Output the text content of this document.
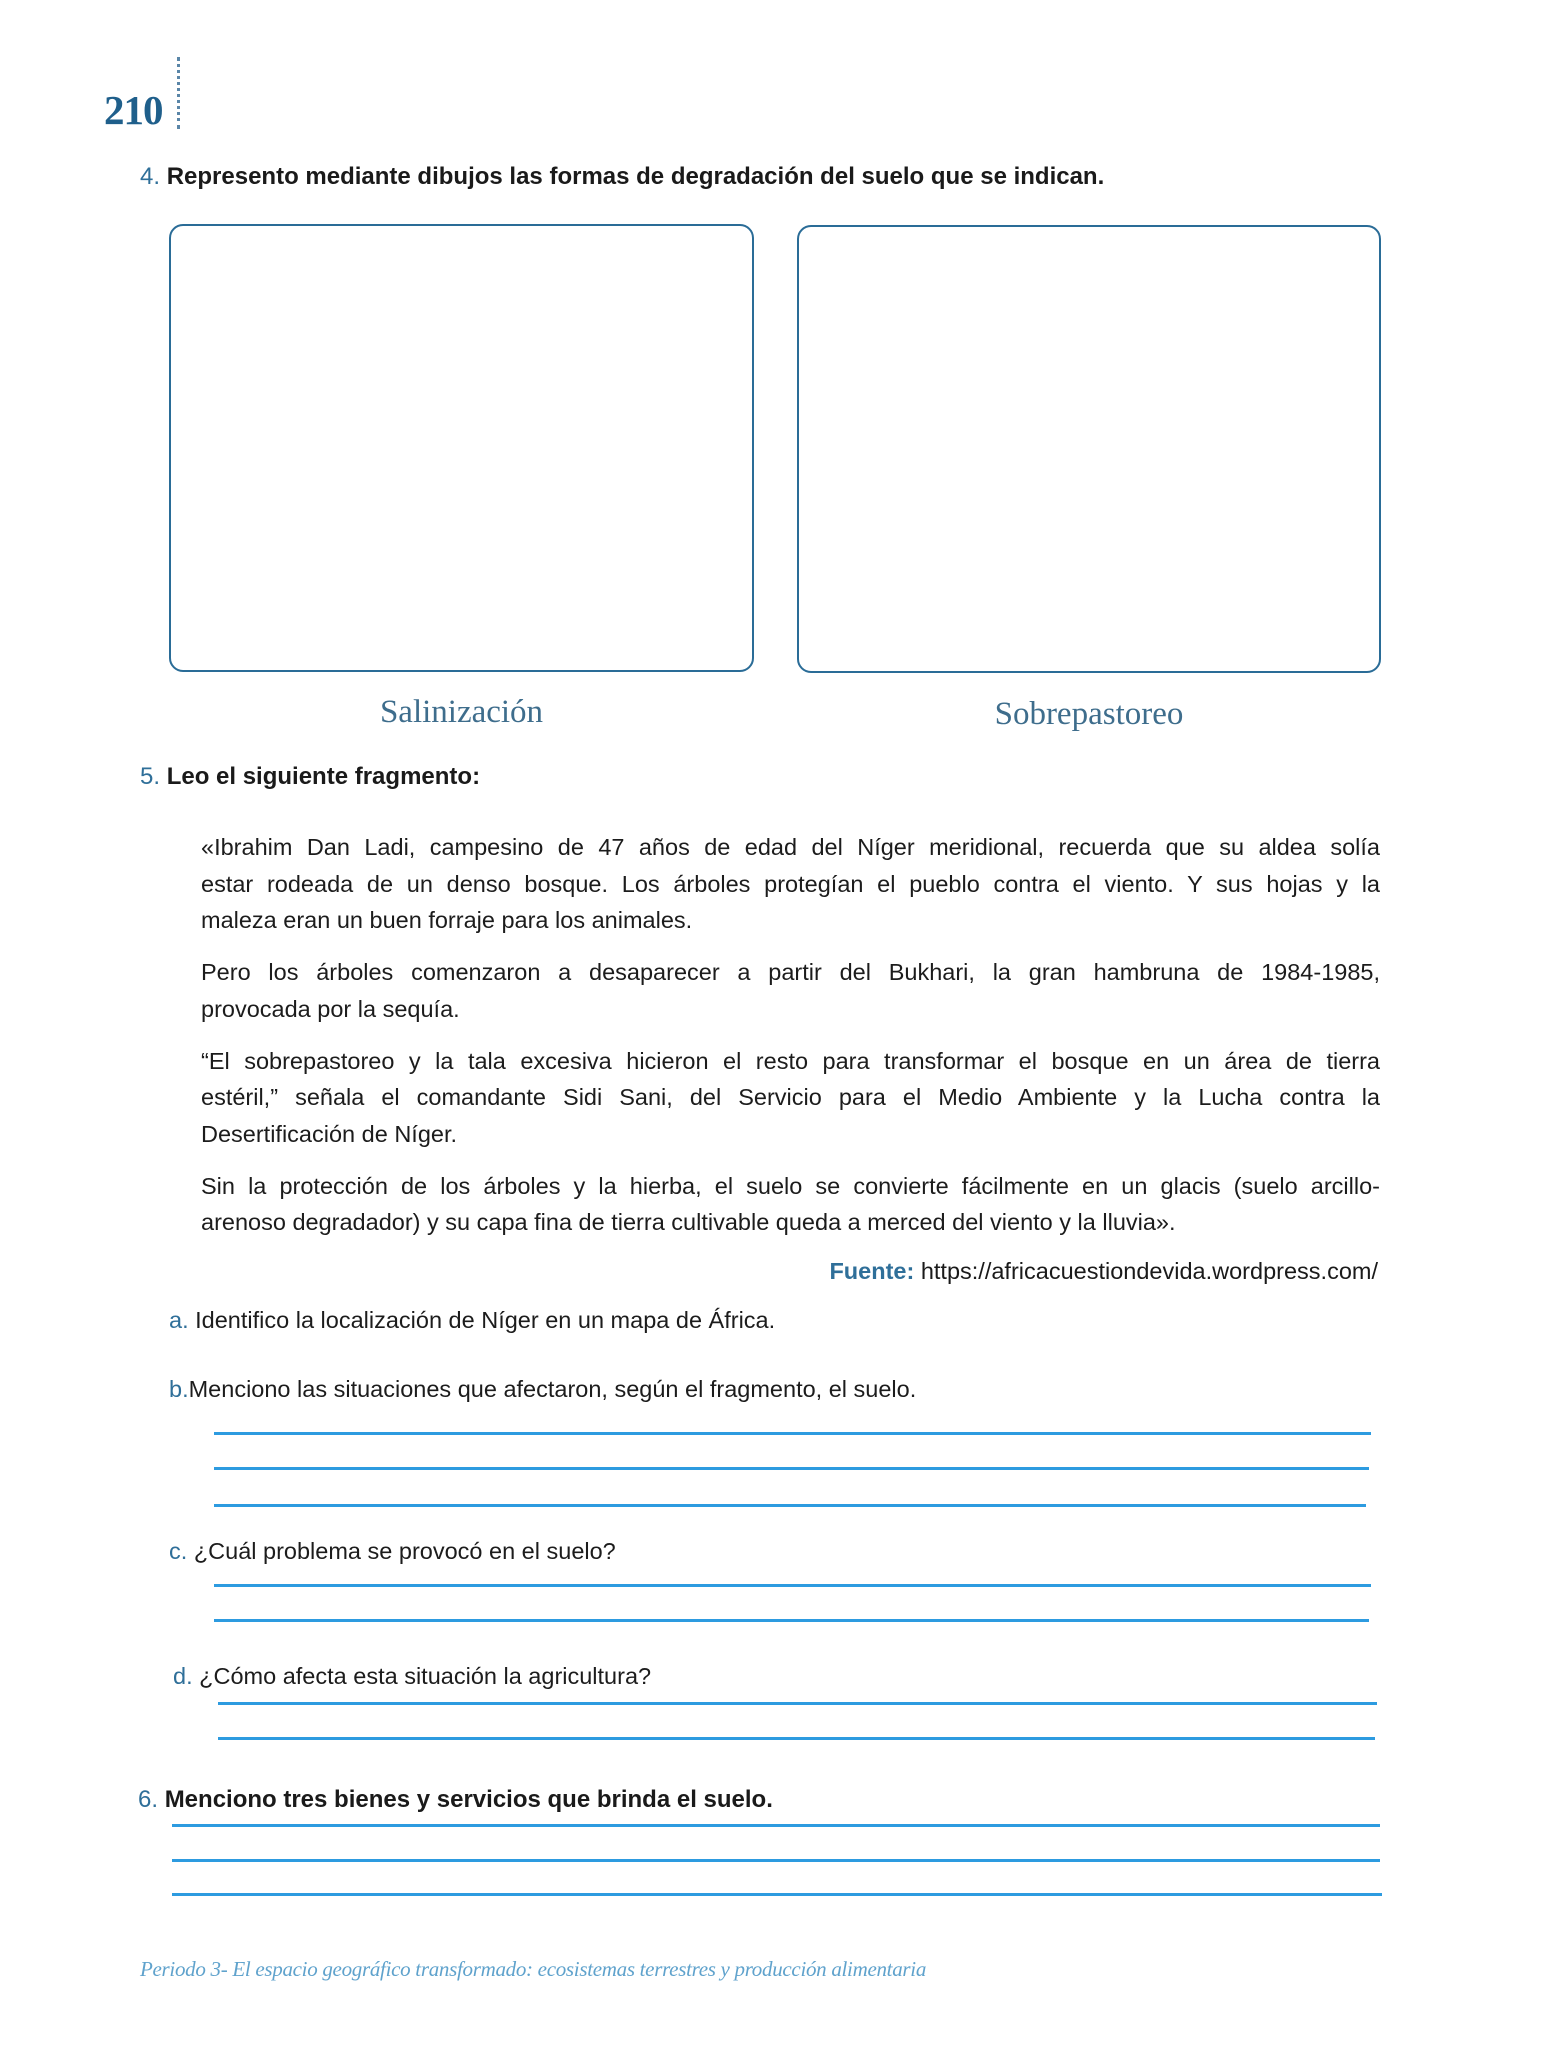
210
4. Represento mediante dibujos las formas de degradación del suelo que se indican.
Salinización	Sobrepastoreo
5. Leo el siguiente fragmento:
«Ibrahim Dan Ladi, campesino de 47 años de edad del Níger meridional, recuerda que su aldea solía
estar rodeada de un denso bosque. Los árboles protegían el pueblo contra el viento. Y sus hojas y la
maleza eran un buen forraje para los animales.
Pero los árboles comenzaron a desaparecer a partir del Bukhari, la gran hambruna de 1984-1985,
provocada por la sequía.
“El sobrepastoreo y la tala excesiva hicieron el resto para transformar el bosque en un área de tierra
estéril,” señala el comandante Sidi Sani, del Servicio para el Medio Ambiente y la Lucha contra la
Desertificación de Níger.
Sin la protección de los árboles y la hierba, el suelo se convierte fácilmente en un glacis (suelo arcillo-
arenoso degradador) y su capa fina de tierra cultivable queda a merced del viento y la lluvia».
Fuente: https://africacuestiondevida.wordpress.com/
a. Identifico la localización de Níger en un mapa de África.
b.Menciono las situaciones que afectaron, según el fragmento, el suelo.
c. ¿Cuál problema se provocó en el suelo?
d. ¿Cómo afecta esta situación la agricultura?
6. Menciono tres bienes y servicios que brinda el suelo.
Periodo 3- El espacio geográfico transformado: ecosistemas terrestres y producción alimentaria
